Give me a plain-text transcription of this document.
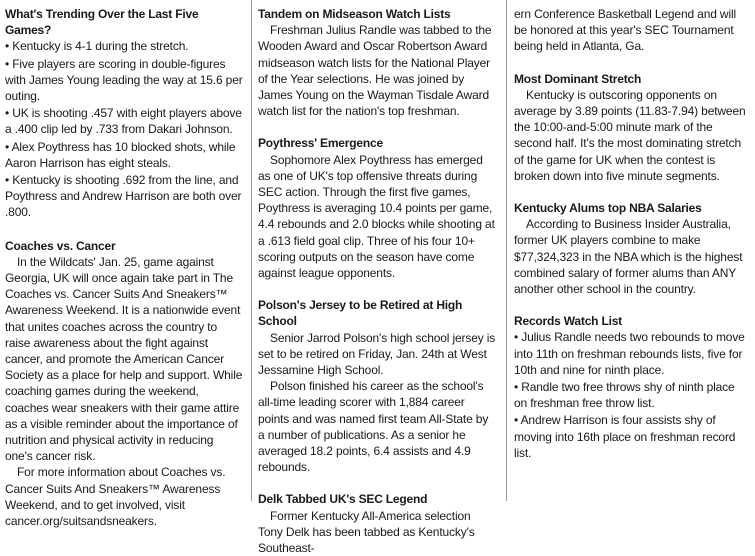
What's Trending Over the Last Five Games?

• Kentucky is 4-1 during the stretch.

• Five players are scoring in double-figures with James Young leading the way at 15.6 per outing.

• UK is shooting .457 with eight players above a .400 clip led by .733 from Dakari Johnson.

• Alex Poythress has 10 blocked shots, while Aaron Harrison has eight steals.

• Kentucky is shooting .692 from the line, and Poythress and Andrew Harrison are both over .800.

Coaches vs. Cancer

In the Wildcats' Jan. 25, game against Georgia, UK will once again take part in The Coaches vs. Cancer Suits And Sneakers™ Awareness Weekend. It is a nationwide event that unites coaches across the country to raise awareness about the fight against cancer, and promote the American Cancer Society as a place for help and support. While coaching games during the weekend, coaches wear sneakers with their game attire as a visible reminder about the importance of nutrition and physical activity in reducing one's cancer risk.

For more information about Coaches vs. Cancer Suits And Sneakers™ Awareness Weekend, and to get involved, visit cancer.org/suitsandsneakers.

Tandem on Midseason Watch Lists

Freshman Julius Randle was tabbed to the Wooden Award and Oscar Robertson Award midseason watch lists for the National Player of the Year selections. He was joined by James Young on the Wayman Tisdale Award watch list for the nation's top freshman.

Poythress' Emergence

Sophomore Alex Poythress has emerged as one of UK's top offensive threats during SEC action. Through the first five games, Poythress is averaging 10.4 points per game, 4.4 rebounds and 2.0 blocks while shooting at a .613 field goal clip. Three of his four 10+ scoring outputs on the season have come against league opponents.

Polson's Jersey to be Retired at High School

Senior Jarrod Polson's high school jersey is set to be retired on Friday, Jan. 24th at West Jessamine High School.

Polson finished his career as the school's all-time leading scorer with 1,884 career points and was named first team All-State by a number of publications. As a senior he averaged 18.2 points, 6.4 assists and 4.9 rebounds.

Delk Tabbed UK's SEC Legend

Former Kentucky All-America selection Tony Delk has been tabbed as Kentucky's Southeast-

ern Conference Basketball Legend and will be honored at this year's SEC Tournament being held in Atlanta, Ga.

Most Dominant Stretch

Kentucky is outscoring opponents on average by 3.89 points (11.83-7.94) between the 10:00-and-5:00 minute mark of the second half. It's the most dominating stretch of the game for UK when the contest is broken down into five minute segments.

Kentucky Alums top NBA Salaries

According to Business Insider Australia, former UK players combine to make $77,324,323 in the NBA which is the highest combined salary of former alums than ANY another other school in the country.

Records Watch List

• Julius Randle needs two rebounds to move into 11th on freshman rebounds lists, five for 10th and nine for ninth place.

• Randle two free throws shy of ninth place on freshman free throw list.

• Andrew Harrison is four assists shy of moving into 16th place on freshman record list.
